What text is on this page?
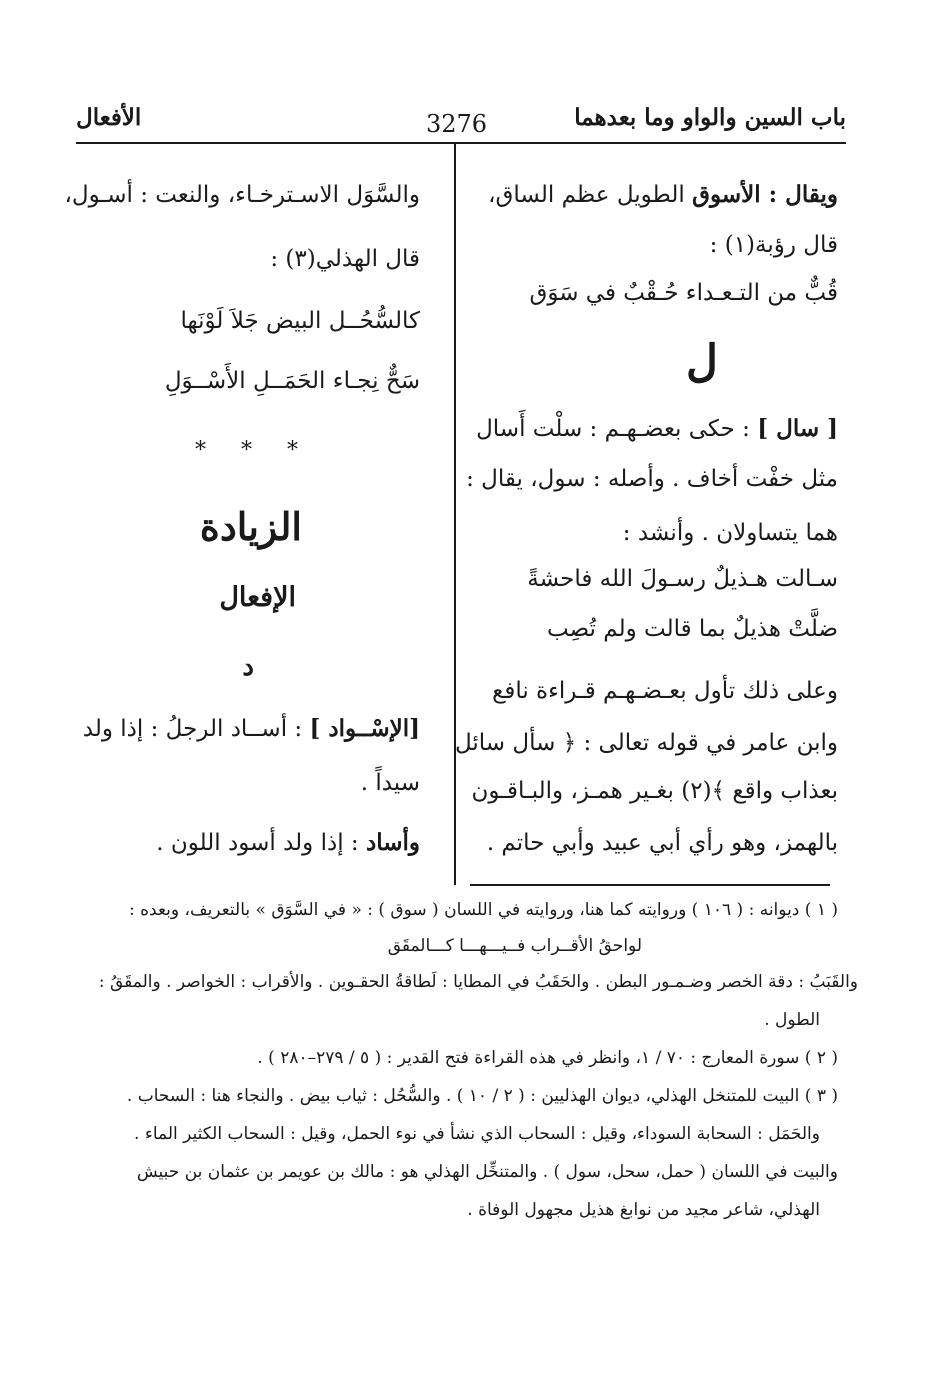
باب السين والواو وما بعدهما
3276
الأفعال
ويقال : الأسوق الطويل عظم الساق،
قال رؤبة(١) :
قُبٌّ من التـعـداء حُـقْبٌ في سَوَق
ل
[ سال ] : حكى بعضـهـم : سلْت أَسال
مثل خفْت أخاف . وأصله : سول، يقال :
هما يتساولان . وأنشد :
سـالت هـذيلٌ رسـولَ الله فاحشةً
ضلَّتْ هذيلٌ بما قالت ولم تُصِب
وعلى ذلك تأول بعـضـهـم قـراءة نافع
وابن عامر في قوله تعالى : ﴿ سأل سائل
بعذاب واقع ﴾(٢) بغـير همـز، والبـاقـون
بالهمز، وهو رأي أبي عبيد وأبي حاتم .
والسَّوَل الاسـترخـاء، والنعت : أسـول،
قال الهذلي(٣) :
كالسُّحُــل البيض جَلاَ لَوْنَها
سَحٌّ نِجـاء الحَمَــلِ الأَسْــوَلِ
* * *
الزيادة
الإفعال
د
[الإسْــواد ] : أســاد الرجلُ : إذا ولد
سيداً .
وأساد : إذا ولد أسود اللون .
( ١ ) ديوانه : ( ١٠٦ ) وروايته كما هنا، وروايته في اللسان ( سوق ) : « في السَّوَق » بالتعريف، وبعده :
لواحقُ الأقــراب فــيـــهـــا كـــالمقَق
والقَبَبُ : دقة الخصر وضـمـور البطن . والحَقَبُ في المطايا : لَطاقةُ الحقـوين . والأقراب : الخواصر . والمقَقُ :
الطول .
( ٢ ) سورة المعارج : ٧٠ / ١، وانظر في هذه القراءة فتح القدير : ( ٥ / ٢٧٩–٢٨٠ ) .
( ٣ ) البيت للمتنخل الهذلي، ديوان الهذليين : ( ٢ / ١٠ ) . والسُّحُل : ثياب بيض . والنجاء هنا : السحاب .
والحَمَل : السحابة السوداء، وقيل : السحاب الذي نشأ في نوء الحمل، وقيل : السحاب الكثير الماء .
والبيت في اللسان ( حمل، سحل، سول ) . والمتنخِّل الهذلي هو : مالك بن عويمر بن عثمان بن حبيش
الهذلي، شاعر مجيد من نوابغ هذيل مجهول الوفاة .
